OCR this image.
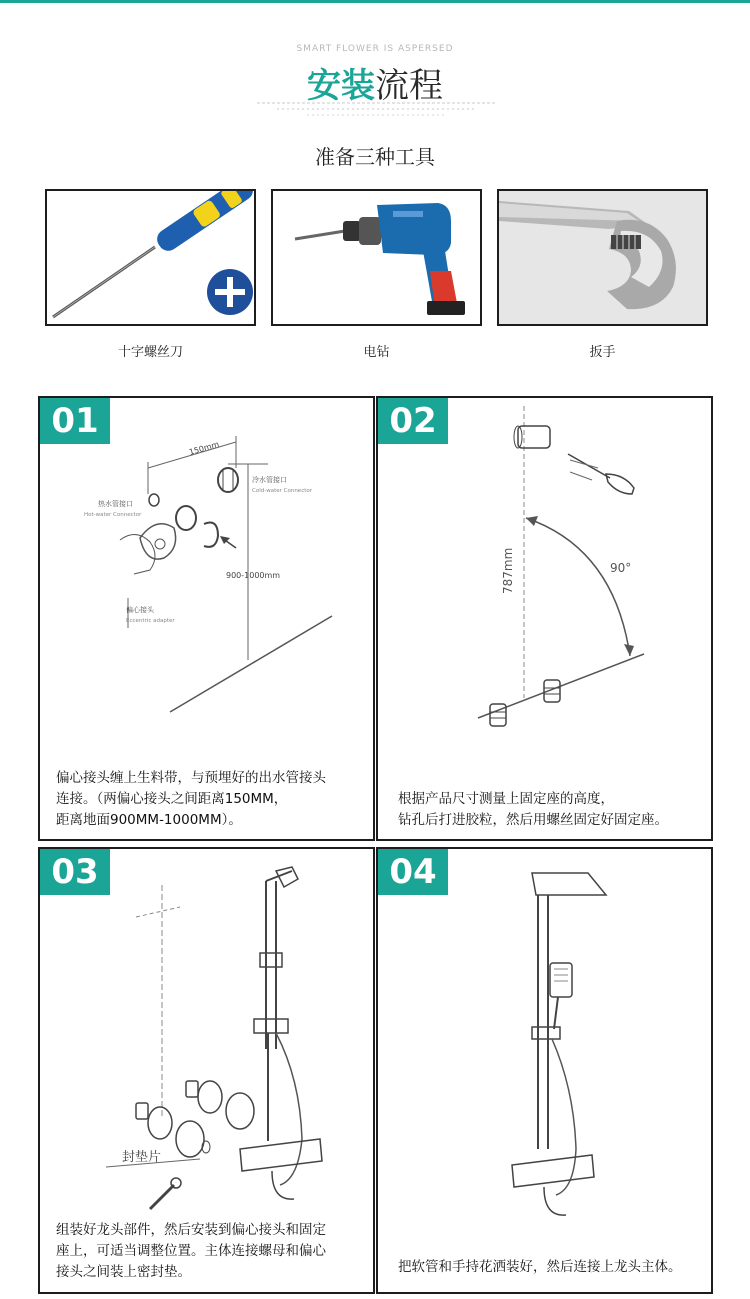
SMART FLOWER IS ASPERSED
安装流程
准备三种工具
十字螺丝刀	电钻	扳手
150mm
冷水管接口
Cold-water Connector
热水管接口
Hot-water Connector
900-1000mm
偏心接头
Eccentric adapter
01
偏心接头缠上生料带，与预埋好的出水管接头
连接。（两偏心接头之间距离150MM，
距离地面900MM-1000MM）。
787mm	90°
02
根据产品尺寸测量上固定座的高度，
钻孔后打进胶粒，然后用螺丝固定好固定座。
封垫片
03
组装好龙头部件，然后安装到偏心接头和固定
座上，可适当调整位置。主体连接螺母和偏心
接头之间装上密封垫。
04
把软管和手持花洒装好，然后连接上龙头主体。
